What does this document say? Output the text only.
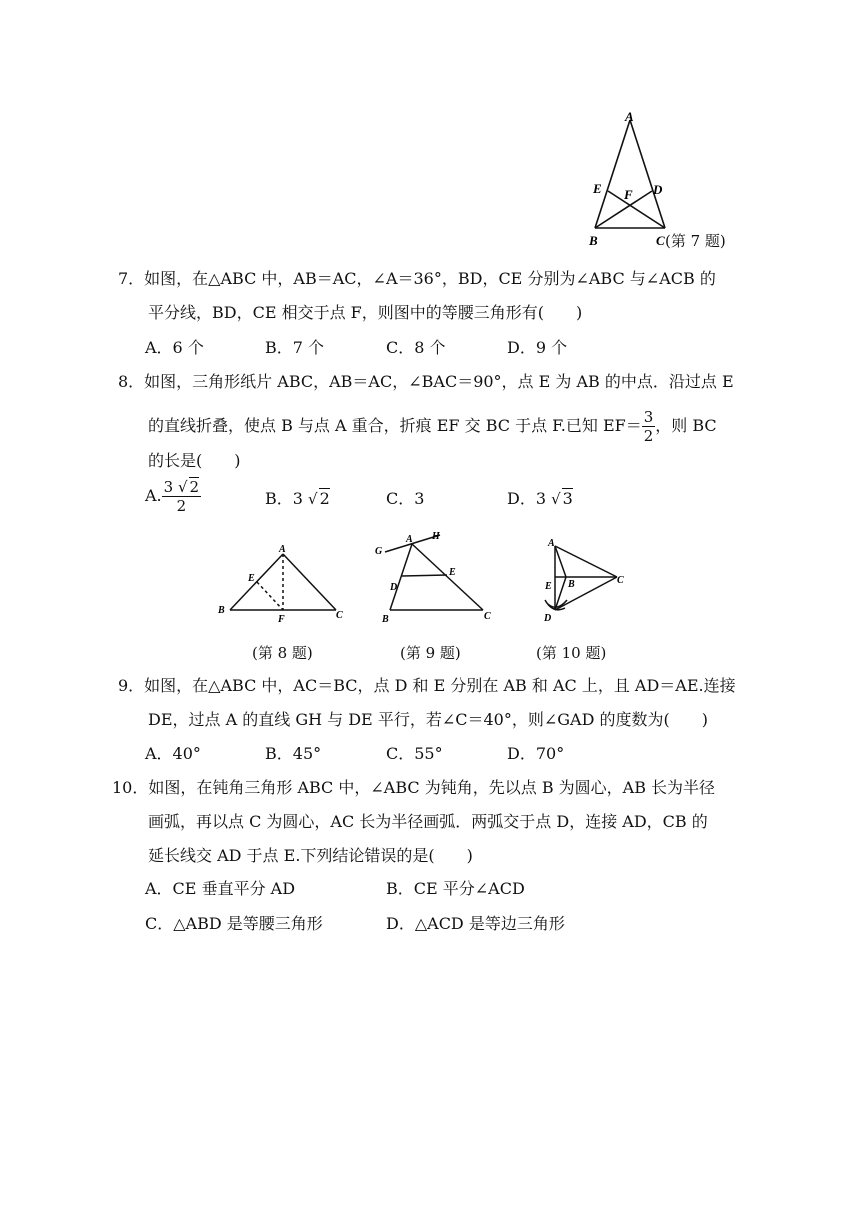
A
E F D
B	C (第 7 题)
7．如图，在△ABC 中，AB＝AC，∠A＝36°，BD，CE 分别为∠ABC 与∠ACB 的
平分线，BD，CE 相交于点 F，则图中的等腰三角形有(　　)
A．6 个	B．7 个	C．8 个	D．9 个
8．如图，三角形纸片 ABC，AB＝AC，∠BAC＝90°，点 E 为 AB 的中点．沿过点 E
的直线折叠，使点 B 与点 A 重合，折痕 EF 交 BC 于点 F.已知 $EF= \frac{3}{2}$ ，则 BC
的长是(　　)
A. $\frac{3 √ 2}{2}$	B．3 √ 2	C．3	D．3 √ 3
A
E
B
F	C
G
A H
E
D
B	C
A
E B	C
D
(第 8 题)	(第 9 题)	(第 10 题)
9．如图，在△ABC 中，AC＝BC，点 D 和 E 分别在 AB 和 AC 上，且 AD＝AE.连接
DE，过点 A 的直线 GH 与 DE 平行，若∠C＝40°，则∠GAD 的度数为(　　)
A．40°	B．45°	C．55°	D．70°
10．如图，在钝角三角形 ABC 中，∠ABC 为钝角，先以点 B 为圆心，AB 长为半径
画弧，再以点 C 为圆心，AC 长为半径画弧．两弧交于点 D，连接 AD，CB 的
延长线交 AD 于点 E.下列结论错误的是(　　)
A．CE 垂直平分 AD	B．CE 平分∠ACD
C．△ABD 是等腰三角形	D．△ACD 是等边三角形
